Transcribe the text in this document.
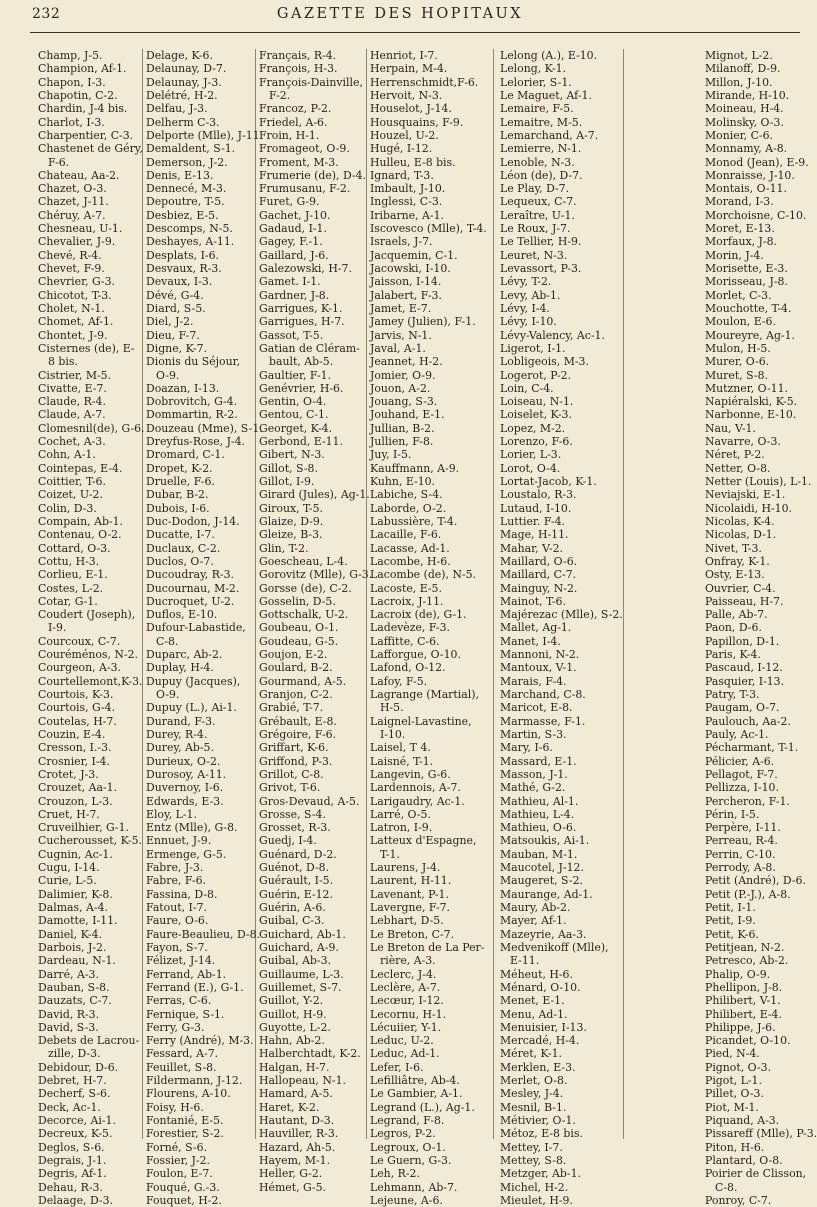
232	GAZETTE DES HOPITAUX
Champ, J-5.
Champion, Af-1.
Chapon, I-3.
Chapotin, C-2.
Chardin, J-4 bis.
Charlot, I-3.
Charpentier, C-3.
Chastenet de Géry,
F-6.
Chateau, Aa-2.
Chazet, O-3.
Chazet, J-11.
Chéruy, A-7.
Chesneau, U-1.
Chevalier, J-9.
Chevé, R-4.
Chevet, F-9.
Chevrier, G-3.
Chicotot, T-3.
Cholet, N-1.
Chomet, Af-1.
Chontet, J-9.
Cisternes (de), E-
8 bis.
Cistrier, M-5.
Civatte, E-7.
Claude, R-4.
Claude, A-7.
Clomesnil(de), G-6.
Cochet, A-3.
Cohn, A-1.
Cointepas, E-4.
Coittier, T-6.
Coizet, U-2.
Colin, D-3.
Compain, Ab-1.
Contenau, O-2.
Cottard, O-3.
Cottu, H-3.
Corlieu, E-1.
Costes, L-2.
Cotar, G-1.
Coudert (Joseph),
I-9.
Courcoux, C-7.
Couréménos, N-2.
Courgeon, A-3.
Courtellemont,K-3.
Courtois, K-3.
Courtois, G-4.
Coutelas, H-7.
Couzin, E-4.
Cresson, I.-3.
Crosnier, I-4.
Crotet, J-3.
Crouzet, Aa-1.
Crouzon, L-3.
Cruet, H-7.
Cruveilhier, G-1.
Cucherousset, K-5.
Cugnin, Ac-1.
Cugu, I-14.
Curie, L-5.
Dalimier, K-8.
Dalmas, A-4.
Damotte, I-11.
Daniel, K-4.
Darbois, J-2.
Dardeau, N-1.
Darré, A-3.
Dauban, S-8.
Dauzats, C-7.
David, R-3.
David, S-3.
Debets de Lacrou-
zille, D-3.
Debidour, D-6.
Debret, H-7.
Decherf, S-6.
Deck, Ac-1.
Decorce, Ai-1.
Decreux, K-5.
Deglos, S-6.
Degrais, J-1.
Degris, Af-1.
Dehau, R-3.
Delaage, D-3.
Delage, K-6.
Delaunay, D-7.
Delaunay, J-3.
Delétré, H-2.
Delfau, J-3.
Delherm C-3.
Delporte (Mlle), J-11.
Demaldent, S-1.
Demerson, J-2.
Denis, E-13.
Dennecé, M-3.
Depoutre, T-5.
Desbiez, E-5.
Descomps, N-5.
Deshayes, A-11.
Desplats, I-6.
Desvaux, R-3.
Devaux, I-3.
Dévé, G-4.
Diard, S-5.
Diel, J-2.
Dieu, F-7.
Digne, K-7.
Dionis du Séjour,
O-9.
Doazan, I-13.
Dobrovitch, G-4.
Dommartin, R-2.
Douzeau (Mme), S-1.
Dreyfus-Rose, J-4.
Dromard, C-1.
Dropet, K-2.
Druelle, F-6.
Dubar, B-2.
Dubois, I-6.
Duc-Dodon, J-14.
Ducatte, I-7.
Duclaux, C-2.
Duclos, O-7.
Ducoudray, R-3.
Ducournau, M-2.
Ducroquet, U-2.
Duflos, E-10.
Dufour-Labastide,
C-8.
Duparc, Ab-2.
Duplay, H-4.
Dupuy (Jacques),
O-9.
Dupuy (L.), Ai-1.
Durand, F-3.
Durey, R-4.
Durey, Ab-5.
Durieux, O-2.
Durosoy, A-11.
Duvernoy, I-6.
Edwards, E-3.
Eloy, L-1.
Entz (Mlle), G-8.
Ennuet, J-9.
Ermenge, G-5.
Fabre, J-3.
Fabre, F-6.
Fassina, D-8.
Fatout, I-7.
Faure, O-6.
Faure-Beaulieu, D-8.
Fayon, S-7.
Félizet, J-14.
Ferrand, Ab-1.
Ferrand (E.), G-1.
Ferras, C-6.
Fernique, S-1.
Ferry, G-3.
Ferry (André), M-3.
Fessard, A-7.
Feuillet, S-8.
Fildermann, J-12.
Flourens, A-10.
Foisy, H-6.
Fontanié, E-5.
Forestier, S-2.
Forné, S-6.
Fossier, J-2.
Foulon, E-7.
Fouqué, G.-3.
Fouquet, H-2.
Français, R-4.
François, H-3.
François-Dainville,
F-2.
Francoz, P-2.
Friedel, A-6.
Froin, H-1.
Fromageot, O-9.
Froment, M-3.
Frumerie (de), D-4.
Frumusanu, F-2.
Furet, G-9.
Gachet, J-10.
Gadaud, I-1.
Gagey, F.-1.
Gaillard, J-6.
Galezowski, H-7.
Gamet. I-1.
Gardner, J-8.
Garrigues, K-1.
Garrigues, H-7.
Gassot, T-5.
Gatian de Cléram-
bault, Ab-5.
Gaultier, F-1.
Genévrier, H-6.
Gentin, O-4.
Gentou, C-1.
Georget, K-4.
Gerbond, E-11.
Gibert, N-3.
Gillot, S-8.
Gillot, I-9.
Girard (Jules), Ag-1.
Giroux, T-5.
Glaize, D-9.
Gleize, B-3.
Glin, T-2.
Goescheau, L-4.
Gorovitz (Mlle), G-3.
Gorsse (de), C-2.
Gosselin, D-5.
Gottschalk, U-2.
Goubeau, O-1.
Goudeau, G-5.
Goujon, E-2.
Goulard, B-2.
Gourmand, A-5.
Granjon, C-2.
Grabié, T-7.
Grébault, E-8.
Grégoire, F-6.
Griffart, K-6.
Griffond, P-3.
Grillot, C-8.
Grivot, T-6.
Gros-Devaud, A-5.
Grosse, S-4.
Grosset, R-3.
Guedj, I-4.
Guénard, D-2.
Guénot, D-8.
Guérault, I-5.
Guérin, E-12.
Guérin, A-6.
Guibal, C-3.
Guichard, Ab-1.
Guichard, A-9.
Guibal, Ab-3.
Guillaume, L-3.
Guillemet, S-7.
Guillot, Y-2.
Guillot, H-9.
Guyotte, L-2.
Hahn, Ab-2.
Halberchtadt, K-2.
Halgan, H-7.
Hallopeau, N-1.
Hamard, A-5.
Haret, K-2.
Hautant, D-3.
Hauviller, R-3.
Hazard, Ah-5.
Hayem, M-1.
Heller, G-2.
Hémet, G-5.
Henriot, I-7.
Herpain, M-4.
Herrenschmidt,F-6.
Hervoit, N-3.
Houselot, J-14.
Housquains, F-9.
Houzel, U-2.
Hugé, I-12.
Hulleu, E-8 bis.
Ignard, T-3.
Imbault, J-10.
Inglessi, C-3.
Iribarne, A-1.
Iscovesco (Mlle), T-4.
Israels, J-7.
Jacquemin, C-1.
Jacowski, I-10.
Jaisson, I-14.
Jalabert, F-3.
Jamet, E-7.
Jamey (Julien), F-1.
Jarvis, N-1.
Javal, A-1.
Jeannet, H-2.
Jomier, O-9.
Jouon, A-2.
Jouang, S-3.
Jouhand, E-1.
Jullian, B-2.
Jullien, F-8.
Juy, I-5.
Kauffmann, A-9.
Kuhn, E-10.
Labiche, S-4.
Laborde, O-2.
Labussière, T-4.
Lacaille, F-6.
Lacasse, Ad-1.
Lacombe, H-6.
Lacombe (de), N-5.
Lacoste, E-5.
Lacroix, J-11.
Lacroix (de), G-1.
Ladevèze, F-3.
Laffitte, C-6.
Lafforgue, O-10.
Lafond, O-12.
Lafoy, F-5.
Lagrange (Martial),
H-5.
Laignel-Lavastine,
I-10.
Laisel, T 4.
Laisné, T-1.
Langevin, G-6.
Lardennois, A-7.
Larigaudry, Ac-1.
Larré, O-5.
Latron, I-9.
Latteux d'Espagne,
T-1.
Laurens, J-4.
Laurent, H-11.
Lavenant, P-1.
Lavergne, F-7.
Lebhart, D-5.
Le Breton, C-7.
Le Breton de La Per-
rière, A-3.
Leclerc, J-4.
Leclère, A-7.
Lecœur, I-12.
Lecornu, H-1.
Lécuiier, Y-1.
Leduc, U-2.
Leduc, Ad-1.
Lefer, I-6.
Lefilliâtre, Ab-4.
Le Gambier, A-1.
Legrand (L.), Ag-1.
Legrand, F-8.
Legros, P-2.
Legroux, O-1.
Le Guern, G-3.
Leh, R-2.
Lehmann, Ab-7.
Lejeune, A-6.
Lelong (A.), E-10.
Lelong, K-1.
Lelorier, S-1.
Le Maguet, Af-1.
Lemaire, F-5.
Lemaitre, M-5.
Lemarchand, A-7.
Lemierre, N-1.
Lenoble, N-3.
Léon (de), D-7.
Le Play, D-7.
Lequeux, C-7.
Leraître, U-1.
Le Roux, J-7.
Le Tellier, H-9.
Leuret, N-3.
Levassort, P-3.
Lévy, T-2.
Levy, Ab-1.
Lévy, I-4.
Lévy, I-10.
Lévy-Valency, Ac-1.
Ligerot, I-1.
Lobligeois, M-3.
Logerot, P-2.
Loin, C-4.
Loiseau, N-1.
Loiselet, K-3.
Lopez, M-2.
Lorenzo, F-6.
Lorier, L-3.
Lorot, O-4.
Lortat-Jacob, K-1.
Loustalo, R-3.
Lutaud, I-10.
Luttier. F-4.
Mage, H-11.
Mahar, V-2.
Maillard, O-6.
Maillard, C-7.
Mainguy, N-2.
Mainot, T-6.
Majérezac (Mlle), S-2.
Mallet, Ag-1.
Manet, I-4.
Mannoni, N-2.
Mantoux, V-1.
Marais, F-4.
Marchand, C-8.
Maricot, E-8.
Marmasse, F-1.
Martin, S-3.
Mary, I-6.
Massard, E-1.
Masson, J-1.
Mathé, G-2.
Mathieu, Al-1.
Mathieu, L-4.
Mathieu, O-6.
Matsoukis, Ai-1.
Mauban, M-1.
Maucotel, J-12.
Maugeret, S-2.
Maurange, Ad-1.
Maury, Ab-2.
Mayer, Af-1.
Mazeyrie, Aa-3.
Medvenikoff (Mlle),
E-11.
Méheut, H-6.
Ménard, O-10.
Menet, E-1.
Menu, Ad-1.
Menuisier, I-13.
Mercadé, H-4.
Méret, K-1.
Merklen, E-3.
Merlet, O-8.
Mesley, J-4.
Mesnil, B-1.
Métivier, O-1.
Métoz, E-8 bis.
Mettey, I-7.
Mettey, S-8.
Metzger, Ab-1.
Michel, H-2.
Mieulet, H-9.
Mignot, L-2.
Milanoff, D-9.
Millon, J-10.
Mirande, H-10.
Moineau, H-4.
Molinsky, O-3.
Monier, C-6.
Monnamy, A-8.
Monod (Jean), E-9.
Monraisse, J-10.
Montais, O-11.
Morand, I-3.
Morchoisne, C-10.
Moret, E-13.
Morfaux, J-8.
Morin, J-4.
Morisette, E-3.
Morisseau, J-8.
Morlet, C-3.
Mouchotte, T-4.
Moulon, E-6.
Moureyre, Ag-1.
Mulon, H-5.
Murer, O-6.
Muret, S-8.
Mutzner, O-11.
Napiéralski, K-5.
Narbonne, E-10.
Nau, V-1.
Navarre, O-3.
Néret, P-2.
Netter, O-8.
Netter (Louis), L-1.
Neviajski, E-1.
Nicolaidi, H-10.
Nicolas, K-4.
Nicolas, D-1.
Nivet, T-3.
Onfray, K-1.
Osty, E-13.
Ouvrier, C-4.
Paisseau, H-7.
Palle, Ab-7.
Paon, D-6.
Papillon, D-1.
Paris, K-4.
Pascaud, I-12.
Pasquier, I-13.
Patry, T-3.
Paugam, O-7.
Paulouch, Aa-2.
Pauly, Ac-1.
Pécharmant, T-1.
Pélicier, A-6.
Pellagot, F-7.
Pellizza, I-10.
Percheron, F-1.
Périn, I-5.
Perpère, I-11.
Perreau, R-4.
Perrin, C-10.
Perrody, A-8.
Petit (André), D-6.
Petit (P.-J.), A-8.
Petit, I-1.
Petit, I-9.
Petit, K-6.
Petitjean, N-2.
Petresco, Ab-2.
Phalip, O-9.
Phellipon, J-8.
Philibert, V-1.
Philibert, E-4.
Philippe, J-6.
Picandet, O-10.
Pied, N-4.
Pignot, O-3.
Pigot, L-1.
Pillet, O-3.
Piot, M-1.
Piquand, A-3.
Pissareff (Mlle), P-3.
Piton, H-6.
Plantard, O-8.
Poirier de Clisson,
C-8.
Ponroy, C-7.
